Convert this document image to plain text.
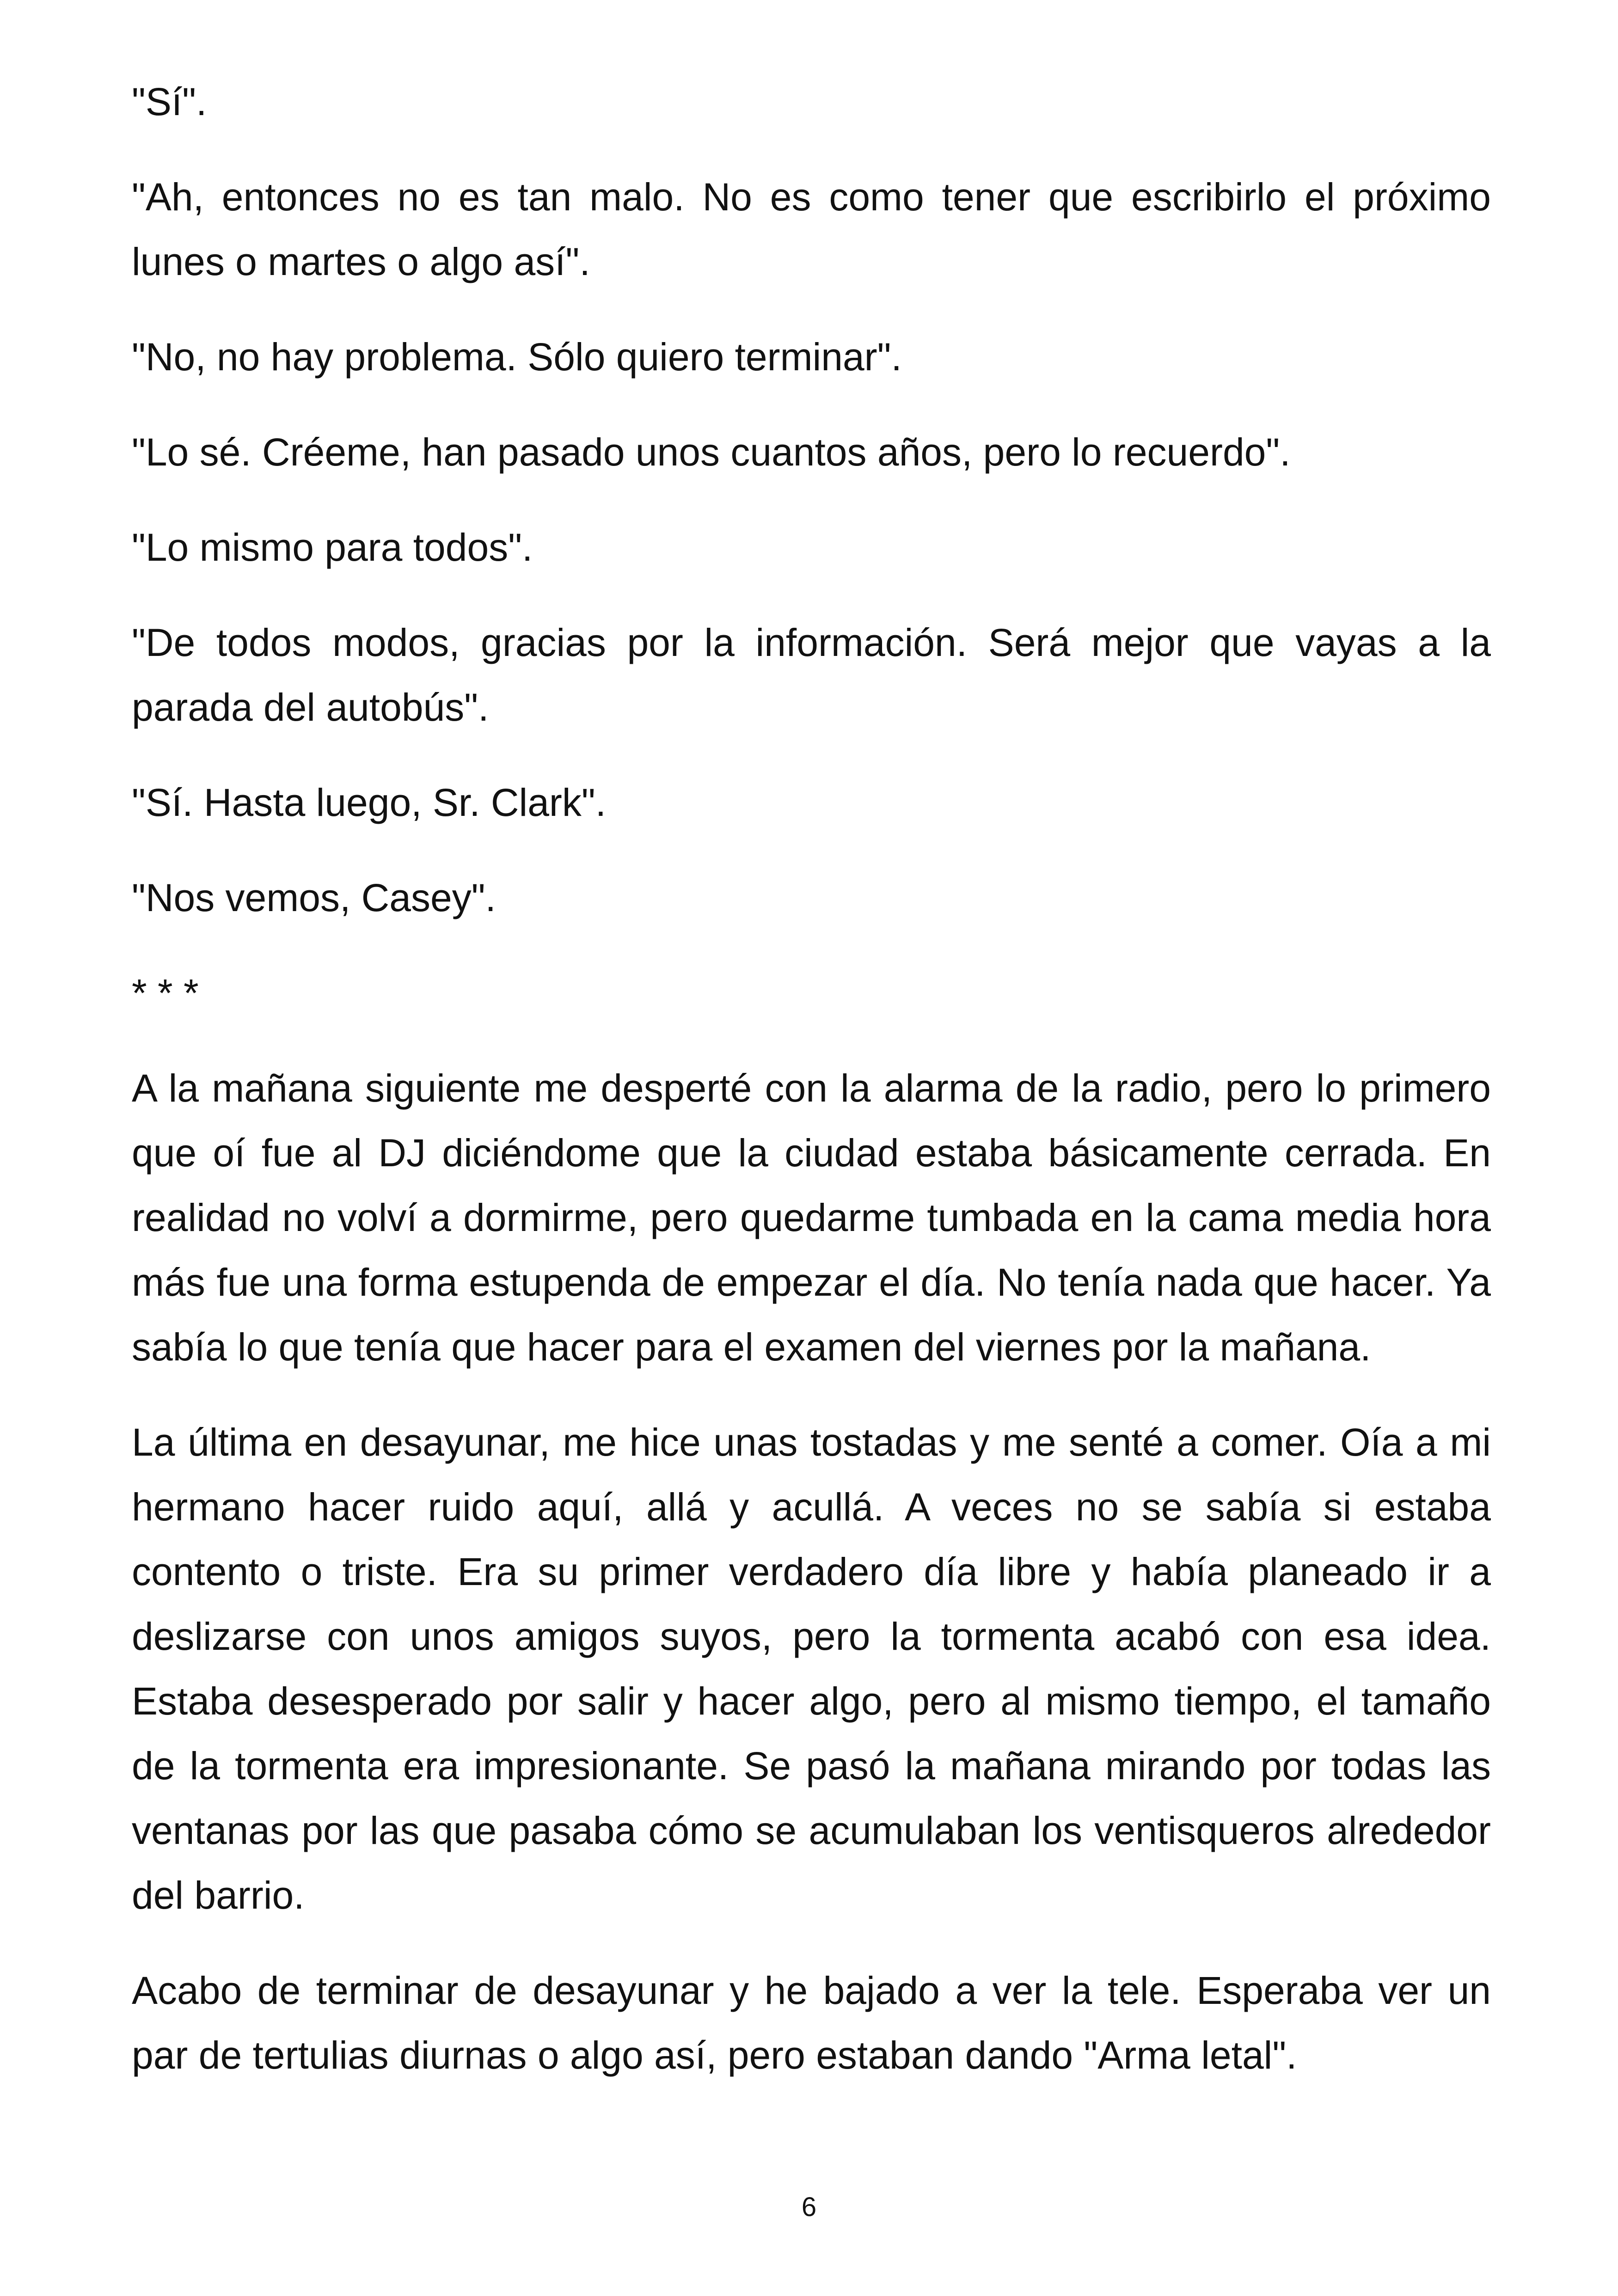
"Sí".

"Ah, entonces no es tan malo. No es como tener que escribirlo el próximo lunes o martes o algo así".

"No, no hay problema. Sólo quiero terminar".

"Lo sé. Créeme, han pasado unos cuantos años, pero lo recuerdo".

"Lo mismo para todos".

"De todos modos, gracias por la información. Será mejor que vayas a la parada del autobús".

"Sí. Hasta luego, Sr. Clark".

"Nos vemos, Casey".

* * *

A la mañana siguiente me desperté con la alarma de la radio, pero lo primero que oí fue al DJ diciéndome que la ciudad estaba básicamente cerrada. En realidad no volví a dormirme, pero quedarme tumbada en la cama media hora más fue una forma estupenda de empezar el día. No tenía nada que hacer. Ya sabía lo que tenía que hacer para el examen del viernes por la mañana.

La última en desayunar, me hice unas tostadas y me senté a comer. Oía a mi hermano hacer ruido aquí, allá y acullá. A veces no se sabía si estaba contento o triste. Era su primer verdadero día libre y había planeado ir a deslizarse con unos amigos suyos, pero la tormenta acabó con esa idea. Estaba desesperado por salir y hacer algo, pero al mismo tiempo, el tamaño de la tormenta era impresionante. Se pasó la mañana mirando por todas las ventanas por las que pasaba cómo se acumulaban los ventisqueros alrededor del barrio.

Acabo de terminar de desayunar y he bajado a ver la tele. Esperaba ver un par de tertulias diurnas o algo así, pero estaban dando "Arma letal".

6
